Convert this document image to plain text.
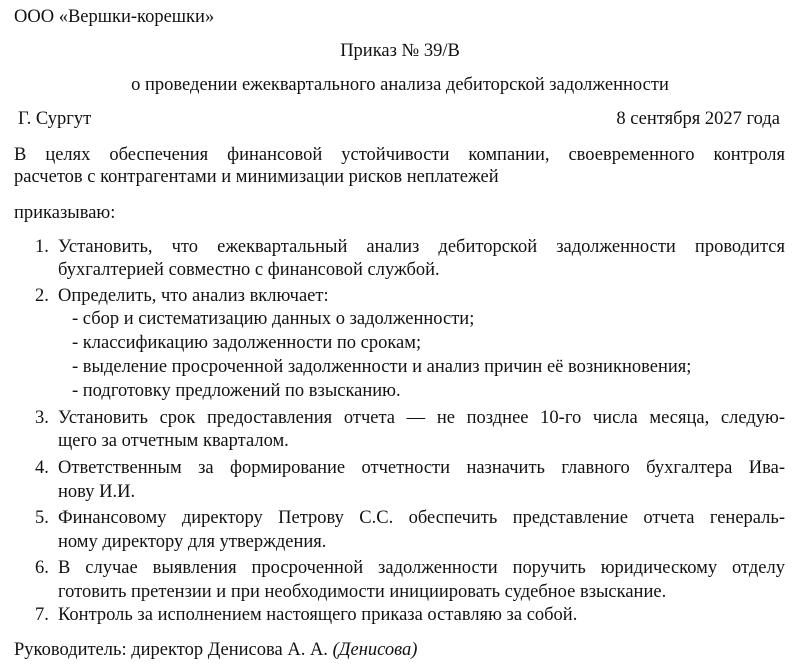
ООО «Вершки-корешки»
Приказ № 39/В
о проведении ежеквартального анализа дебиторской задолженности
Г. Сургут	8 сентября 2027 года
В целях обеспечения финансовой устойчивости компании, своевременного контроля
расчетов с контрагентами и минимизации рисков неплатежей
приказываю:
1. Установить, что ежеквартальный анализ дебиторской задолженности проводится
бухгалтерией совместно с финансовой службой.
2. Определить, что анализ включает:
- сбор и систематизацию данных о задолженности;
- классификацию задолженности по срокам;
- выделение просроченной задолженности и анализ причин её возникновения;
- подготовку предложений по взысканию.
3. Установить срок предоставления отчета — не позднее 10-го числа месяца, следую-
щего за отчетным кварталом.
4. Ответственным за формирование отчетности назначить главного бухгалтера Ива-
нову И.И.
5. Финансовому директору Петрову С.С. обеспечить представление отчета генераль-
ному директору для утверждения.
6. В случае выявления просроченной задолженности поручить юридическому отделу
готовить претензии и при необходимости инициировать судебное взыскание.
7. Контроль за исполнением настоящего приказа оставляю за собой.
Руководитель: директор Денисова А. А. (Денисова)
